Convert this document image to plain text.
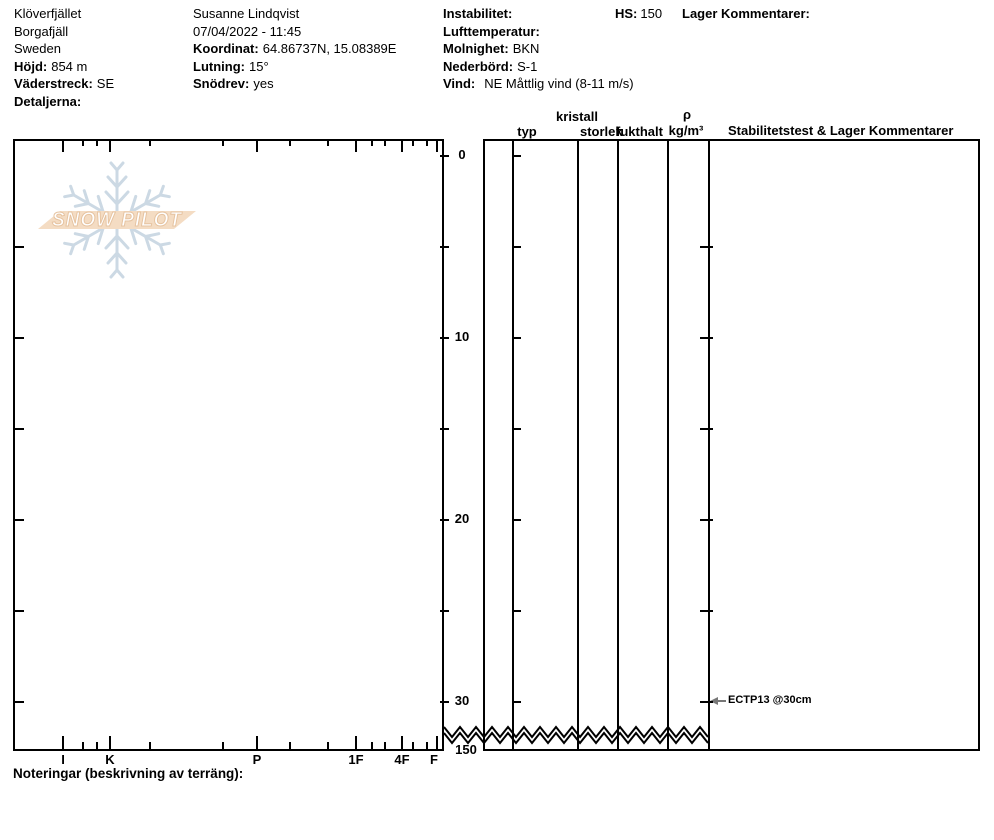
Klöverfjället
Borgafjäll
Sweden
Höjd: 854 m
Väderstreck: SE
Detaljerna:
Susanne Lindqvist
07/04/2022 - 11:45
Koordinat: 64.86737N, 15.08389E
Lutning: 15°
Snödrev: yes
Instabilitet:
Lufttemperatur:
Molnighet: BKN
Nederbörd: S-1
Vind: NE Måttlig vind (8-11 m/s)
HS: 150 Lager Kommentarer:
typ
kristall
storlek
fukthalt
ρ
kg/m³	Stabilitetstest & Lager Kommentarer
SNOW PILOT
ECTP13 @30cm
Noteringar (beskrivning av terräng):
0
10
20
30
150
I	K	P	1F 4F F
